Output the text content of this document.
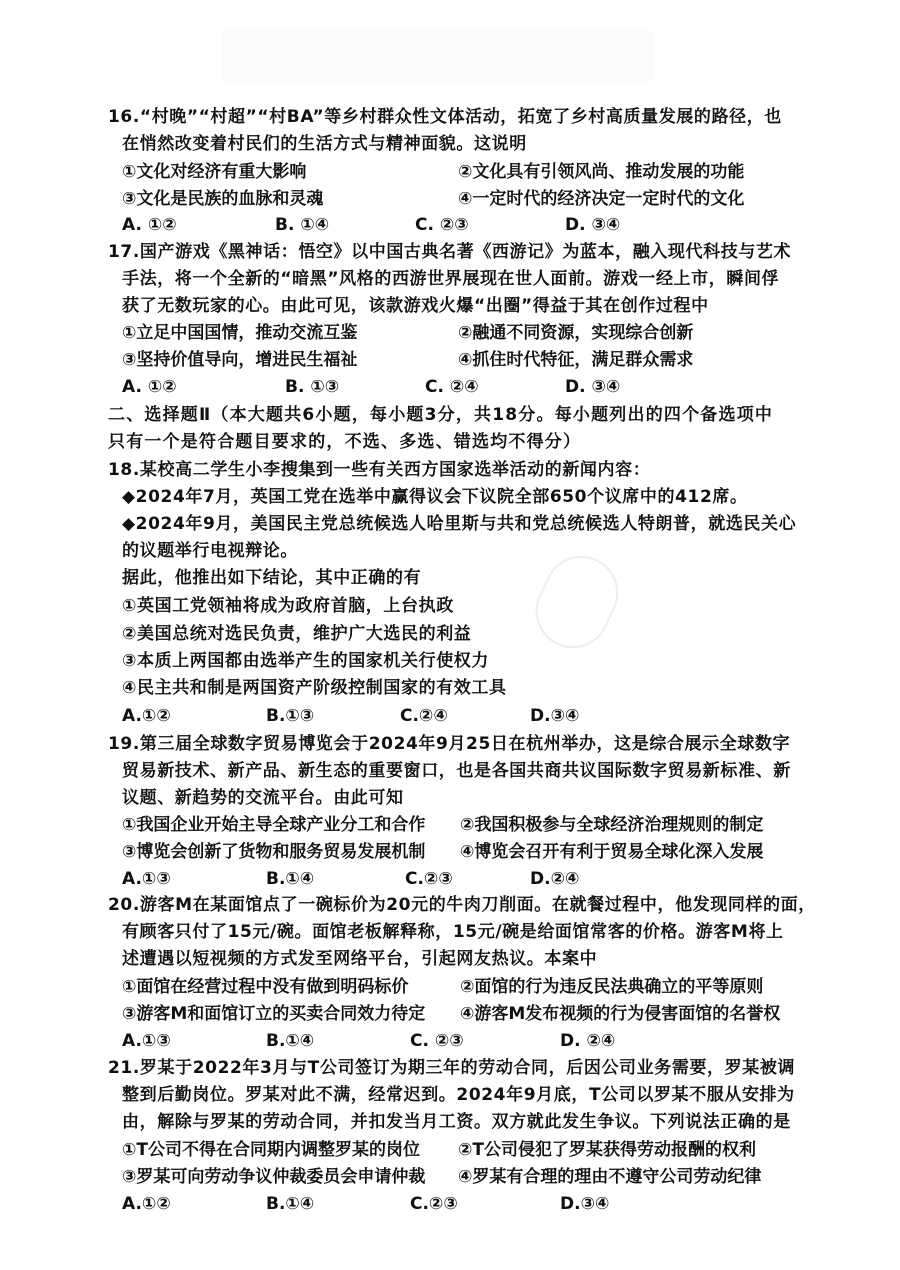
16.“村晚”“村超”“村BA”等乡村群众性文体活动，拓宽了乡村高质量发展的路径，也
在悄然改变着村民们的生活方式与精神面貌。这说明
①文化对经济有重大影响	②文化具有引领风尚、推动发展的功能
③文化是民族的血脉和灵魂	④一定时代的经济决定一定时代的文化
A. ①②	B. ①④	C. ②③	D. ③④
17.国产游戏《黑神话：悟空》以中国古典名著《西游记》为蓝本，融入现代科技与艺术
手法，将一个全新的“暗黑”风格的西游世界展现在世人面前。游戏一经上市，瞬间俘
获了无数玩家的心。由此可见，该款游戏火爆“出圈”得益于其在创作过程中
①立足中国国情，推动交流互鉴	②融通不同资源，实现综合创新
③坚持价值导向，增进民生福祉	④抓住时代特征，满足群众需求
A. ①②	B. ①③	C. ②④	D. ③④
二、选择题Ⅱ（本大题共6小题，每小题3分，共18分。每小题列出的四个备选项中
只有一个是符合题目要求的，不选、多选、错选均不得分）
18.某校高二学生小李搜集到一些有关西方国家选举活动的新闻内容：
◆2024年7月，英国工党在选举中赢得议会下议院全部650个议席中的412席。
◆2024年9月，美国民主党总统候选人哈里斯与共和党总统候选人特朗普，就选民关心
的议题举行电视辩论。
据此，他推出如下结论，其中正确的有
①英国工党领袖将成为政府首脑，上台执政
②美国总统对选民负责，维护广大选民的利益
③本质上两国都由选举产生的国家机关行使权力
④民主共和制是两国资产阶级控制国家的有效工具
A.①②	B.①③	C.②④	D.③④
19.第三届全球数字贸易博览会于2024年9月25日在杭州举办，这是综合展示全球数字
贸易新技术、新产品、新生态的重要窗口，也是各国共商共议国际数字贸易新标准、新
议题、新趋势的交流平台。由此可知
①我国企业开始主导全球产业分工和合作 ②我国积极参与全球经济治理规则的制定
③博览会创新了货物和服务贸易发展机制 ④博览会召开有利于贸易全球化深入发展
A.①③	B.①④	C.②③	D.②④
20.游客M在某面馆点了一碗标价为20元的牛肉刀削面。在就餐过程中，他发现同样的面，
有顾客只付了15元/碗。面馆老板解释称，15元/碗是给面馆常客的价格。游客M将上
述遭遇以短视频的方式发至网络平台，引起网友热议。本案中
①面馆在经营过程中没有做到明码标价	②面馆的行为违反民法典确立的平等原则
③游客M和面馆订立的买卖合同效力待定 ④游客M发布视频的行为侵害面馆的名誉权
A.①③	B.①④	C. ②③	D. ②④
21.罗某于2022年3月与T公司签订为期三年的劳动合同，后因公司业务需要，罗某被调
整到后勤岗位。罗某对此不满，经常迟到。2024年9月底，T公司以罗某不服从安排为
由，解除与罗某的劳动合同，并扣发当月工资。双方就此发生争议。下列说法正确的是
①T公司不得在合同期内调整罗某的岗位 ②T公司侵犯了罗某获得劳动报酬的权利
③罗某可向劳动争议仲裁委员会申请仲裁 ④罗某有合理的理由不遵守公司劳动纪律
A.①②	B.①④	C.②③	D.③④
